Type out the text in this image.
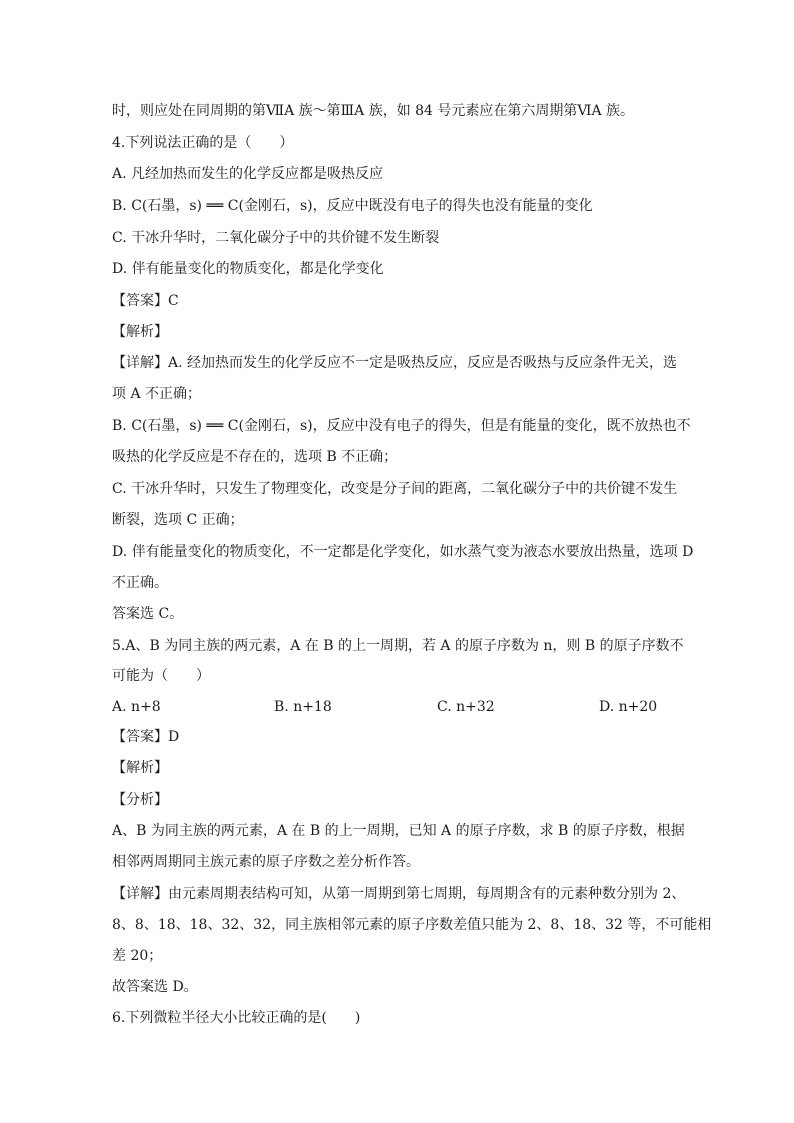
时，则应处在同周期的第ⅦA 族～第ⅢA 族，如 84 号元素应在第六周期第ⅥA 族。
4.下列说法正确的是（　　）
A. 凡经加热而发生的化学反应都是吸热反应
B. C(石墨，s) ══ C(金刚石，s)，反应中既没有电子的得失也没有能量的变化
C. 干冰升华时，二氧化碳分子中的共价键不发生断裂
D. 伴有能量变化的物质变化，都是化学变化
【答案】C
【解析】
【详解】A. 经加热而发生的化学反应不一定是吸热反应，反应是否吸热与反应条件无关，选
项 A 不正确；
B. C(石墨，s) ══ C(金刚石，s)，反应中没有电子的得失，但是有能量的变化，既不放热也不
吸热的化学反应是不存在的，选项 B 不正确；
C. 干冰升华时，只发生了物理变化，改变是分子间的距离，二氧化碳分子中的共价键不发生
断裂，选项 C 正确；
D. 伴有能量变化的物质变化，不一定都是化学变化，如水蒸气变为液态水要放出热量，选项 D
不正确。
答案选 C。
5.A、B 为同主族的两元素，A 在 B 的上一周期，若 A 的原子序数为 n，则 B 的原子序数不
可能为（　　）
【答案】D
【解析】
【分析】
A、B 为同主族的两元素，A 在 B 的上一周期，已知 A 的原子序数，求 B 的原子序数，根据
相邻两周期同主族元素的原子序数之差分析作答。
【详解】由元素周期表结构可知，从第一周期到第七周期，每周期含有的元素种数分别为 2、
8、8、18、18、32、32，同主族相邻元素的原子序数差值只能为 2、8、18、32 等，不可能相
差 20；
故答案选 D。
6.下列微粒半径大小比较正确的是(　　)
A. n+8	B. n+18	C. n+32	D. n+20
